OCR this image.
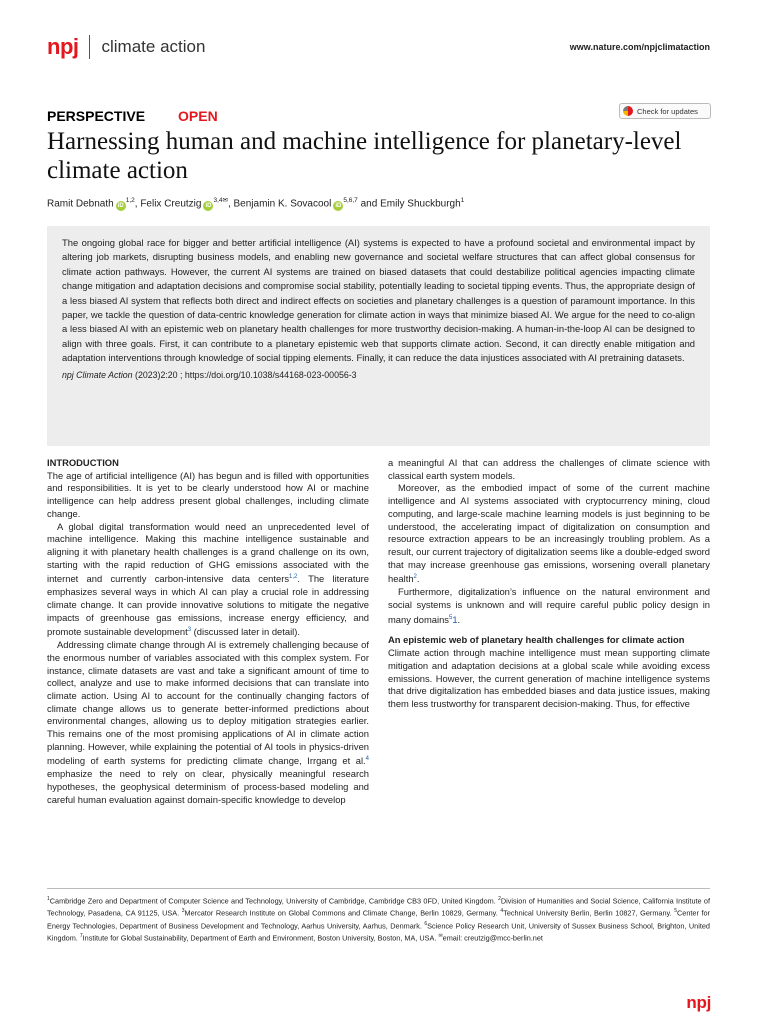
npj climate action	www.nature.com/npjclimataction
PERSPECTIVE OPEN	Check for updates
Harnessing human and machine intelligence for planetary-level climate action
Ramit Debnath iD$^{1,2}$, Felix Creutzig $iD^{3,4✉}$, Benjamin K. Sovacool iD$^{5,6,7}$ and Emily Shuckburgh$^1$

The ongoing global race for bigger and better artificial intelligence (AI) systems is expected to have a profound societal and environmental impact by altering job markets, disrupting business models, and enabling new governance and societal welfare structures that can affect global consensus for climate action pathways. However, the current AI systems are trained on biased datasets that could destabilize political agencies impacting climate change mitigation and adaptation decisions and compromise social stability, potentially leading to societal tipping events. Thus, the appropriate design of a less biased AI system that reflects both direct and indirect effects on societies and planetary challenges is a question of paramount importance. In this paper, we tackle the question of data-centric knowledge generation for climate action in ways that minimize biased AI. We argue for the need to co-align a less biased AI with an epistemic web on planetary health challenges for more trustworthy decision-making. A human-in-the-loop AI can be designed to align with three goals. First, it can contribute to a planetary epistemic web that supports climate action. Second, it can directly enable mitigation and adaptation interventions through knowledge of social tipping elements. Finally, it can reduce the data injustices associated with AI pretraining datasets.

npj Climate Action (2023)2:20 ; https://doi.org/10.1038/s44168-023-00056-3
INTRODUCTION

The age of artificial intelligence (AI) has begun and is filled with opportunities and responsibilities. It is yet to be clearly understood how AI or machine intelligence can help address present global challenges, including climate change.

A global digital transformation would need an unprecedented level of machine intelligence. Making this machine intelligence sustainable and aligning it with planetary health challenges is a grand challenge on its own, starting with the rapid reduction of GHG emissions associated with the internet and currently carbon-intensive data centers$^{1,2}$. The literature emphasizes several ways in which AI can play a crucial role in addressing climate change. It can provide innovative solutions to mitigate the negative impacts of greenhouse gas emissions, increase energy efficiency, and promote sustainable development$^3$ (discussed later in detail).

Addressing climate change through AI is extremely challenging because of the enormous number of variables associated with this complex system. For instance, climate datasets are vast and take a significant amount of time to collect, analyze and use to make informed decisions that can translate into climate action. Using AI to account for the continually changing factors of climate change allows us to generate better-informed predictions about environmental changes, allowing us to deploy mitigation strategies earlier. This remains one of the most promising applications of AI in climate action planning. However, while explaining the potential of AI tools in physics-driven modeling of earth systems for predicting climate change, Irrgang et al.$^4$ emphasize the need to rely on clear, physically meaningful research hypotheses, the geophysical determinism of process-based modeling and careful human evaluation against domain-specific knowledge to develop

a meaningful AI that can address the challenges of climate science with classical earth system models.

Moreover, as the embodied impact of some of the current machine intelligence and AI systems associated with cryptocurrency mining, cloud computing, and large-scale machine learning models is just beginning to be understood, the accelerating impact of digitalization on consumption and resource extraction appears to be an increasingly troubling problem. As a result, our current trajectory of digitalization seems like a double-edged sword that may increase greenhouse gas emissions, worsening overall planetary health$^2$.

Furthermore, digitalization’s influence on the natural environment and social systems is unknown and will require careful public policy design in many domains$^5$1.

An epistemic web of planetary health challenges for climate action

Climate action through machine intelligence must mean supporting climate mitigation and adaptation decisions at a global scale while avoiding excess emissions. However, the current generation of machine intelligence systems that drive digitalization has embedded biases and data justice issues, making them less trustworthy for transparent decision-making. Thus, for effective

$^1$Cambridge Zero and Department of Computer Science and Technology, University of Cambridge, Cambridge CB3 0FD, United Kingdom. $^2$Division of Humanities and Social Science, California Institute of Technology, Pasadena, CA 91125, USA. $^3$Mercator Research Institute on Global Commons and Climate Change, Berlin 10829, Germany. $^4$Technical University Berlin, Berlin 10827, Germany. $^5$Center for Energy Technologies, Department of Business Development and Technology, Aarhus University, Aarhus, Denmark. $^6$Science Policy Research Unit, University of Sussex Business School, Brighton, United Kingdom. $^7$Institute for Global Sustainability, Department of Earth and Environment, Boston University, Boston, MA, USA. ✉email: creutzig@mcc-berlin.net
npj
